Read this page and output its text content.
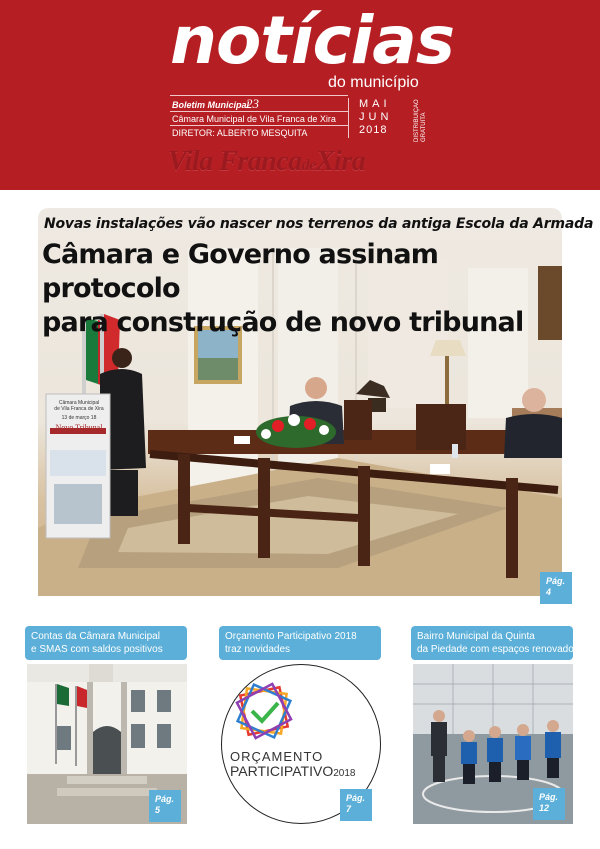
notícias
do município
Boletim Municipal
23
Câmara Municipal de Vila Franca de Xira
DIRETOR: ALBERTO MESQUITA
MAI
JUN
2018	DISTRIBUIÇÃO
GRATUITA
Vila FrancadeXira
Câmara Municipal
de Vila Franca de Xira
13 de março 18
Novo Tribunal
Novas instalações vão nascer nos terrenos da antiga Escola da Armada
Câmara e Governo assinam protocolo
para construção de novo tribunal
Pág.
4
Contas da Câmara Municipal
e SMAS com saldos positivos
Pág.
5
Orçamento Participativo 2018
traz novidades
ORÇAMENTO
PARTICIPATIVO2018
Pág.
7
Bairro Municipal da Quinta
da Piedade com espaços renovados
Pág.
12
